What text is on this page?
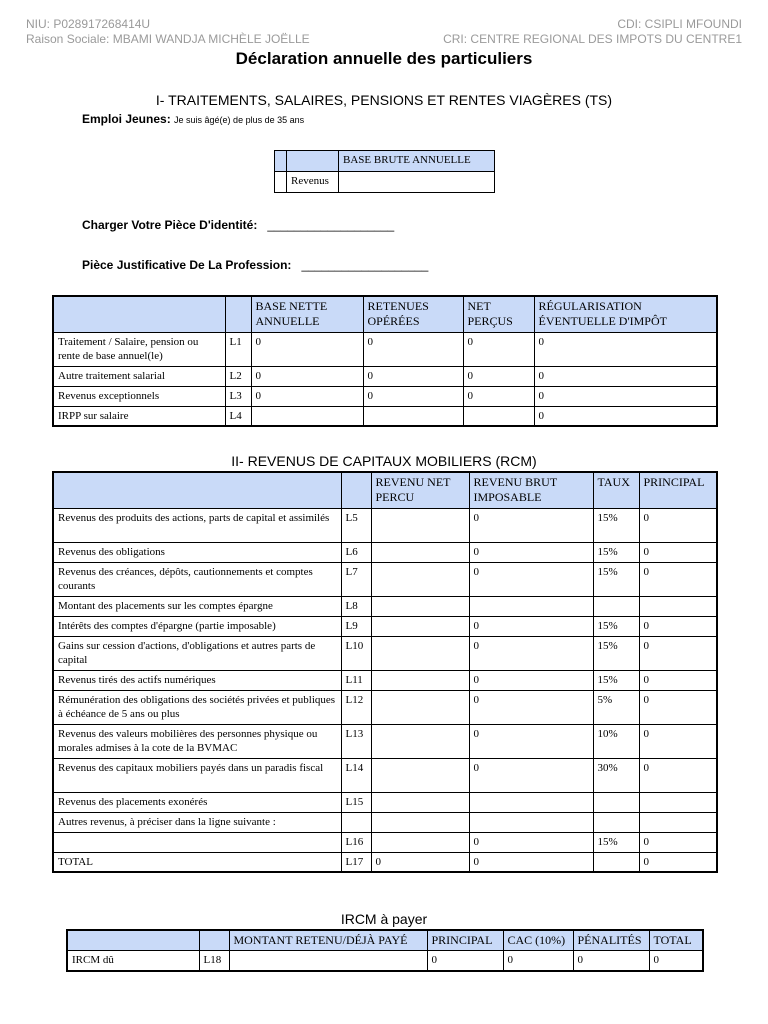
NIU: P028917268414U
Raison Sociale: MBAMI WANDJA MICHÈLE JOËLLE
CDI: CSIPLI MFOUNDI
CRI: CENTRE REGIONAL DES IMPOTS DU CENTRE1
Déclaration annuelle des particuliers
I- TRAITEMENTS, SALAIRES, PENSIONS ET RENTES VIAGÈRES (TS)
Emploi Jeunes: Je suis âgé(e) de plus de 35 ans
		BASE BRUTE ANNUELLE
	Revenus	
Charger Votre Pièce D'identité: ___________________
Pièce Justificative De La Profession: ___________________
		BASE NETTE ANNUELLE	RETENUES OPÉRÉES	NET PERÇUS	RÉGULARISATION ÉVENTUELLE D'IMPÔT
Traitement / Salaire, pension ou rente de base annuel(le)	L1	0	0	0	0
Autre traitement salarial	L2	0	0	0	0
Revenus exceptionnels	L3	0	0	0	0
IRPP sur salaire	L4				0
II- REVENUS DE CAPITAUX MOBILIERS (RCM)
		REVENU NET PERCU	REVENU BRUT IMPOSABLE	TAUX	PRINCIPAL
Revenus des produits des actions, parts de capital et assimilés	L5		0	15%	0
Revenus des obligations	L6		0	15%	0
Revenus des créances, dépôts, cautionnements et comptes courants	L7		0	15%	0
Montant des placements sur les comptes épargne	L8				
Intérêts des comptes d'épargne (partie imposable)	L9		0	15%	0
Gains sur cession d'actions, d'obligations et autres parts de capital	L10		0	15%	0
Revenus tirés des actifs numériques	L11		0	15%	0
Rémunération des obligations des sociétés privées et publiques à échéance de 5 ans ou plus	L12		0	5%	0
Revenus des valeurs mobilières des personnes physique ou morales admises à la cote de la BVMAC	L13		0	10%	0
Revenus des capitaux mobiliers payés dans un paradis fiscal	L14		0	30%	0
Revenus des placements exonérés	L15				
Autres revenus, à préciser dans la ligne suivante :					
	L16		0	15%	0
TOTAL	L17	0	0		0
IRCM à payer
		MONTANT RETENU/DÉJÀ PAYÉ	PRINCIPAL	CAC (10%)	PÉNALITÉS	TOTAL
IRCM dû	L18		0	0	0	0
